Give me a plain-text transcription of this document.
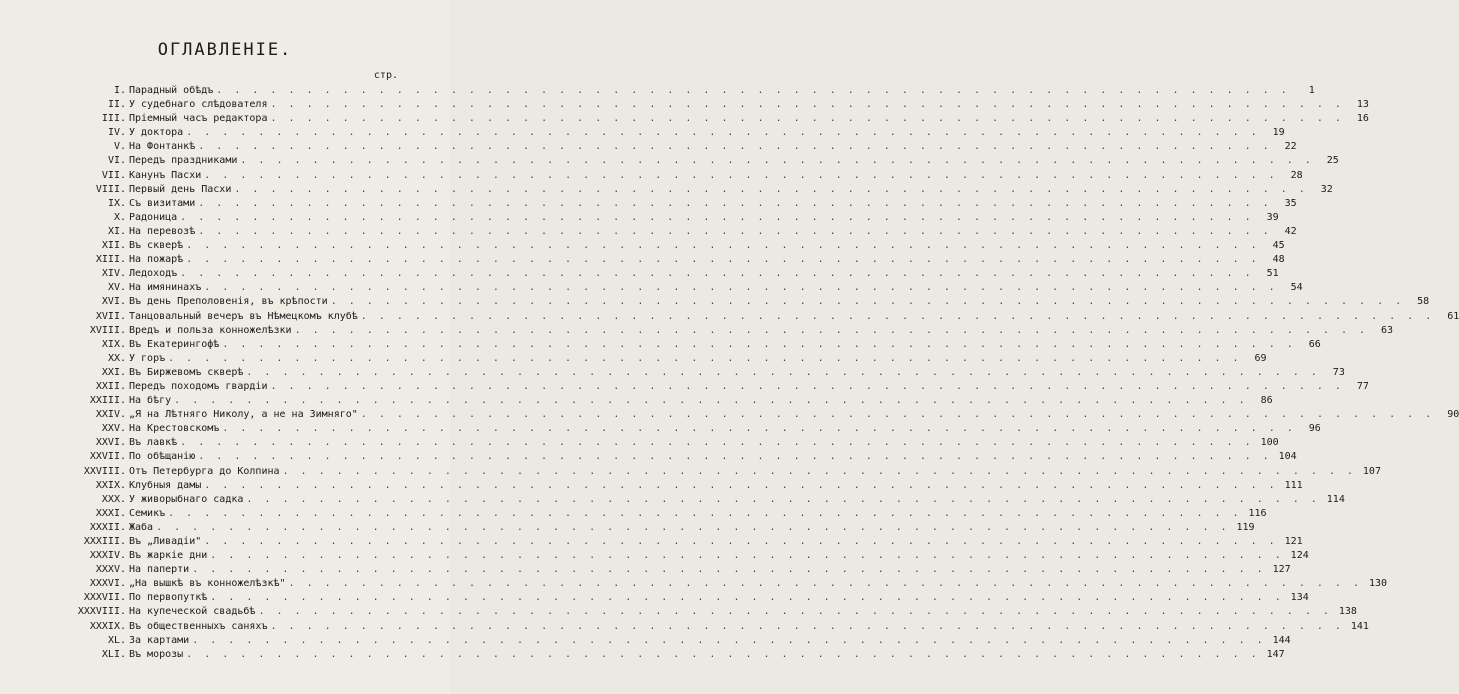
ОГЛАВЛЕНIЕ.
стр.
I. Парадный обѣдъ . . . . . . . . . . . . . . . . . . . . . . . . . . . . . . . . . . . . . . . . . . . . . . . . . . . . . . . . . . . .	1
II. У судебнаго слѣдователя . . . . . . . . . . . . . . . . . . . . . . . . . . . . . . . . . . . . . . . . . . . . . . . . . . . . . . . . . . . .	13
III. Прiемный часъ редактора . . . . . . . . . . . . . . . . . . . . . . . . . . . . . . . . . . . . . . . . . . . . . . . . . . . . . . . . . . . .	16
IV. У доктора . . . . . . . . . . . . . . . . . . . . . . . . . . . . . . . . . . . . . . . . . . . . . . . . . . . . . . . . . . . .	19
V. На Фонтанкѣ . . . . . . . . . . . . . . . . . . . . . . . . . . . . . . . . . . . . . . . . . . . . . . . . . . . . . . . . . . . .	22
VI. Передъ праздниками . . . . . . . . . . . . . . . . . . . . . . . . . . . . . . . . . . . . . . . . . . . . . . . . . . . . . . . . . . . .	25
VII. Канунъ Пасхи . . . . . . . . . . . . . . . . . . . . . . . . . . . . . . . . . . . . . . . . . . . . . . . . . . . . . . . . . . . .	28
VIII. Первый день Пасхи . . . . . . . . . . . . . . . . . . . . . . . . . . . . . . . . . . . . . . . . . . . . . . . . . . . . . . . . . . . .	32
IX. Съ визитами . . . . . . . . . . . . . . . . . . . . . . . . . . . . . . . . . . . . . . . . . . . . . . . . . . . . . . . . . . . .	35
X. Радоница . . . . . . . . . . . . . . . . . . . . . . . . . . . . . . . . . . . . . . . . . . . . . . . . . . . . . . . . . . . .	39
XI. На перевозѣ . . . . . . . . . . . . . . . . . . . . . . . . . . . . . . . . . . . . . . . . . . . . . . . . . . . . . . . . . . . .	42
XII. Въ скверѣ . . . . . . . . . . . . . . . . . . . . . . . . . . . . . . . . . . . . . . . . . . . . . . . . . . . . . . . . . . . .	45
XIII. На пожарѣ . . . . . . . . . . . . . . . . . . . . . . . . . . . . . . . . . . . . . . . . . . . . . . . . . . . . . . . . . . . .	48
XIV. Ледоходъ . . . . . . . . . . . . . . . . . . . . . . . . . . . . . . . . . . . . . . . . . . . . . . . . . . . . . . . . . . . .	51
XV. На имянинахъ . . . . . . . . . . . . . . . . . . . . . . . . . . . . . . . . . . . . . . . . . . . . . . . . . . . . . . . . . . . .	54
XVI. Въ день Преполовенiя, въ крѣпости . . . . . . . . . . . . . . . . . . . . . . . . . . . . . . . . . . . . . . . . . . . . . . . . . . . . . . . . . . . .	58
XVII. Танцовальный вечеръ въ Нѣмецкомъ клубѣ . . . . . . . . . . . . . . . . . . . . . . . . . . . . . . . . . . . . . . . . . . . . . . . . . . . . . . . . . . . .	61
XVIII. Вредъ и польза конножелѣзки . . . . . . . . . . . . . . . . . . . . . . . . . . . . . . . . . . . . . . . . . . . . . . . . . . . . . . . . . . . .	63
XIX. Въ Екатерингофѣ . . . . . . . . . . . . . . . . . . . . . . . . . . . . . . . . . . . . . . . . . . . . . . . . . . . . . . . . . . . .	66
XX. У горъ . . . . . . . . . . . . . . . . . . . . . . . . . . . . . . . . . . . . . . . . . . . . . . . . . . . . . . . . . . . .	69
XXI. Въ Биржевомъ скверѣ . . . . . . . . . . . . . . . . . . . . . . . . . . . . . . . . . . . . . . . . . . . . . . . . . . . . . . . . . . . .	73
XXII. Передъ походомъ гвардiи . . . . . . . . . . . . . . . . . . . . . . . . . . . . . . . . . . . . . . . . . . . . . . . . . . . . . . . . . . . .	77
XXIII. На бѣгу . . . . . . . . . . . . . . . . . . . . . . . . . . . . . . . . . . . . . . . . . . . . . . . . . . . . . . . . . . . .	86
XXIV. „Я на Лѣтняго Николу, а не на Зимняго" . . . . . . . . . . . . . . . . . . . . . . . . . . . . . . . . . . . . . . . . . . . . . . . . . . . . . . . . . . . .	90
XXV. На Крестовскомъ . . . . . . . . . . . . . . . . . . . . . . . . . . . . . . . . . . . . . . . . . . . . . . . . . . . . . . . . . . . .	96
XXVI. Въ лавкѣ . . . . . . . . . . . . . . . . . . . . . . . . . . . . . . . . . . . . . . . . . . . . . . . . . . . . . . . . . . . . 100
XXVII. По обѣщанiю . . . . . . . . . . . . . . . . . . . . . . . . . . . . . . . . . . . . . . . . . . . . . . . . . . . . . . . . . . . . 104
XXVIII. Отъ Петербурга до Колпина . . . . . . . . . . . . . . . . . . . . . . . . . . . . . . . . . . . . . . . . . . . . . . . . . . . . . . . . . . . . 107
XXIX. Клубныя дамы . . . . . . . . . . . . . . . . . . . . . . . . . . . . . . . . . . . . . . . . . . . . . . . . . . . . . . . . . . . . 111
XXX. У живорыбнаго садка . . . . . . . . . . . . . . . . . . . . . . . . . . . . . . . . . . . . . . . . . . . . . . . . . . . . . . . . . . . . 114
XXXI. Семикъ . . . . . . . . . . . . . . . . . . . . . . . . . . . . . . . . . . . . . . . . . . . . . . . . . . . . . . . . . . . . 116
XXXII. Жаба . . . . . . . . . . . . . . . . . . . . . . . . . . . . . . . . . . . . . . . . . . . . . . . . . . . . . . . . . . . . 119
XXXIII. Въ „Ливадiи" . . . . . . . . . . . . . . . . . . . . . . . . . . . . . . . . . . . . . . . . . . . . . . . . . . . . . . . . . . . . 121
XXXIV. Въ жаркiе дни . . . . . . . . . . . . . . . . . . . . . . . . . . . . . . . . . . . . . . . . . . . . . . . . . . . . . . . . . . . . 124
XXXV. На паперти . . . . . . . . . . . . . . . . . . . . . . . . . . . . . . . . . . . . . . . . . . . . . . . . . . . . . . . . . . . . 127
XXXVI. „На вышкѣ въ конножелѣзкѣ" . . . . . . . . . . . . . . . . . . . . . . . . . . . . . . . . . . . . . . . . . . . . . . . . . . . . . . . . . . . . 130
XXXVII. По первопуткѣ . . . . . . . . . . . . . . . . . . . . . . . . . . . . . . . . . . . . . . . . . . . . . . . . . . . . . . . . . . . . 134
XXXVIII. На купеческой свадьбѣ . . . . . . . . . . . . . . . . . . . . . . . . . . . . . . . . . . . . . . . . . . . . . . . . . . . . . . . . . . . . 138
XXXIX. Въ общественныхъ саняхъ . . . . . . . . . . . . . . . . . . . . . . . . . . . . . . . . . . . . . . . . . . . . . . . . . . . . . . . . . . . . 141
XL. За картами . . . . . . . . . . . . . . . . . . . . . . . . . . . . . . . . . . . . . . . . . . . . . . . . . . . . . . . . . . . . 144
XLI. Въ морозы . . . . . . . . . . . . . . . . . . . . . . . . . . . . . . . . . . . . . . . . . . . . . . . . . . . . . . . . . . . . 147
